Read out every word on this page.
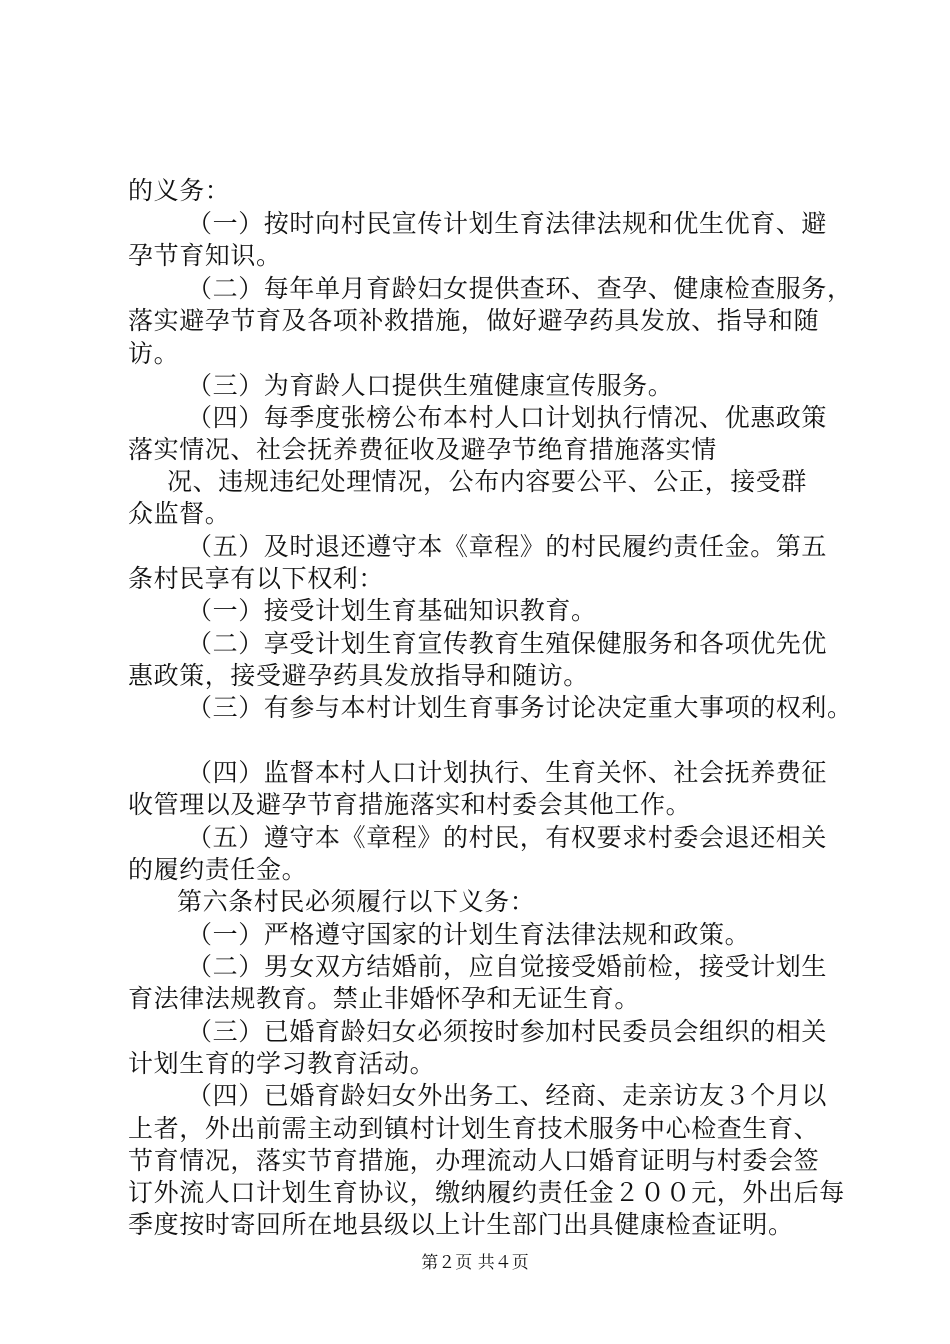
的义务：
（一）按时向村民宣传计划生育法律法规和优生优育、避
孕节育知识。
（二）每年单月育龄妇女提供查环、查孕、健康检查服务，
落实避孕节育及各项补救措施，做好避孕药具发放、指导和随
访。
（三）为育龄人口提供生殖健康宣传服务。
（四）每季度张榜公布本村人口计划执行情况、优惠政策
落实情况、社会抚养费征收及避孕节绝育措施落实情
况、违规违纪处理情况，公布内容要公平、公正，接受群
众监督。
（五）及时退还遵守本《章程》的村民履约责任金。第五
条村民享有以下权利：
（一）接受计划生育基础知识教育。
（二）享受计划生育宣传教育生殖保健服务和各项优先优
惠政策，接受避孕药具发放指导和随访。
（三）有参与本村计划生育事务讨论决定重大事项的权利。
（四）监督本村人口计划执行、生育关怀、社会抚养费征
收管理以及避孕节育措施落实和村委会其他工作。
（五）遵守本《章程》的村民，有权要求村委会退还相关
的履约责任金。
第六条村民必须履行以下义务：
（一）严格遵守国家的计划生育法律法规和政策。
（二）男女双方结婚前，应自觉接受婚前检，接受计划生
育法律法规教育。禁止非婚怀孕和无证生育。
（三）已婚育龄妇女必须按时参加村民委员会组织的相关
计划生育的学习教育活动。
（四）已婚育龄妇女外出务工、经商、走亲访友３个月以
上者，外出前需主动到镇村计划生育技术服务中心检查生育、
节育情况，落实节育措施，办理流动人口婚育证明与村委会签
订外流人口计划生育协议，缴纳履约责任金２００元，外出后每
季度按时寄回所在地县级以上计生部门出具健康检查证明。
第２页 共４页
